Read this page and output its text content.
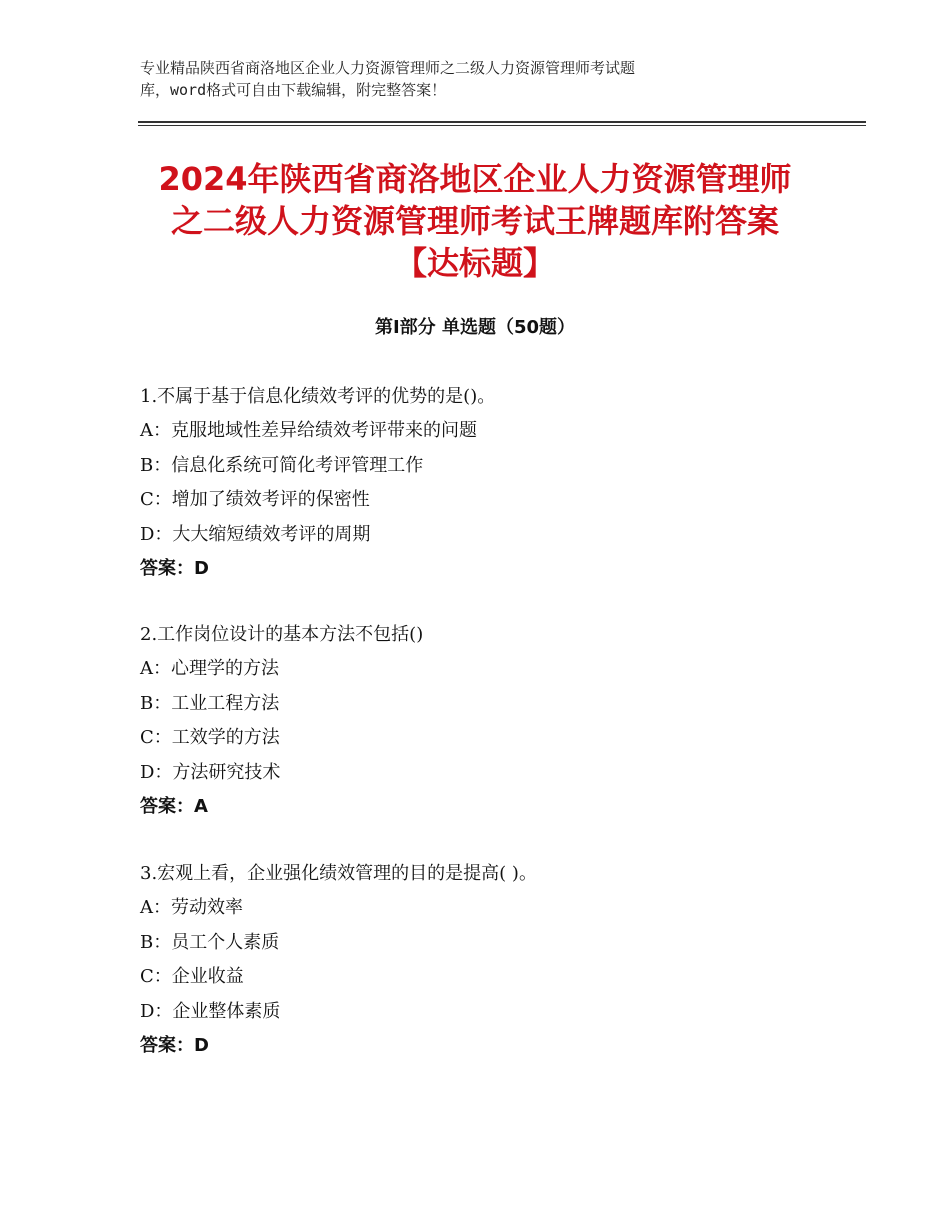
专业精品陕西省商洛地区企业人力资源管理师之二级人力资源管理师考试题
库，word格式可自由下载编辑，附完整答案！
2024年陕西省商洛地区企业人力资源管理师
之二级人力资源管理师考试王牌题库附答案
【达标题】
第Ⅰ部分 单选题（50题）
1.不属于基于信息化绩效考评的优势的是()。
A：克服地域性差异给绩效考评带来的问题
B：信息化系统可简化考评管理工作
C：增加了绩效考评的保密性
D：大大缩短绩效考评的周期
答案：D
2.工作岗位设计的基本方法不包括()
A：心理学的方法
B：工业工程方法
C：工效学的方法
D：方法研究技术
答案：A
3.宏观上看，企业强化绩效管理的目的是提高( )。
A：劳动效率
B：员工个人素质
C：企业收益
D：企业整体素质
答案：D
